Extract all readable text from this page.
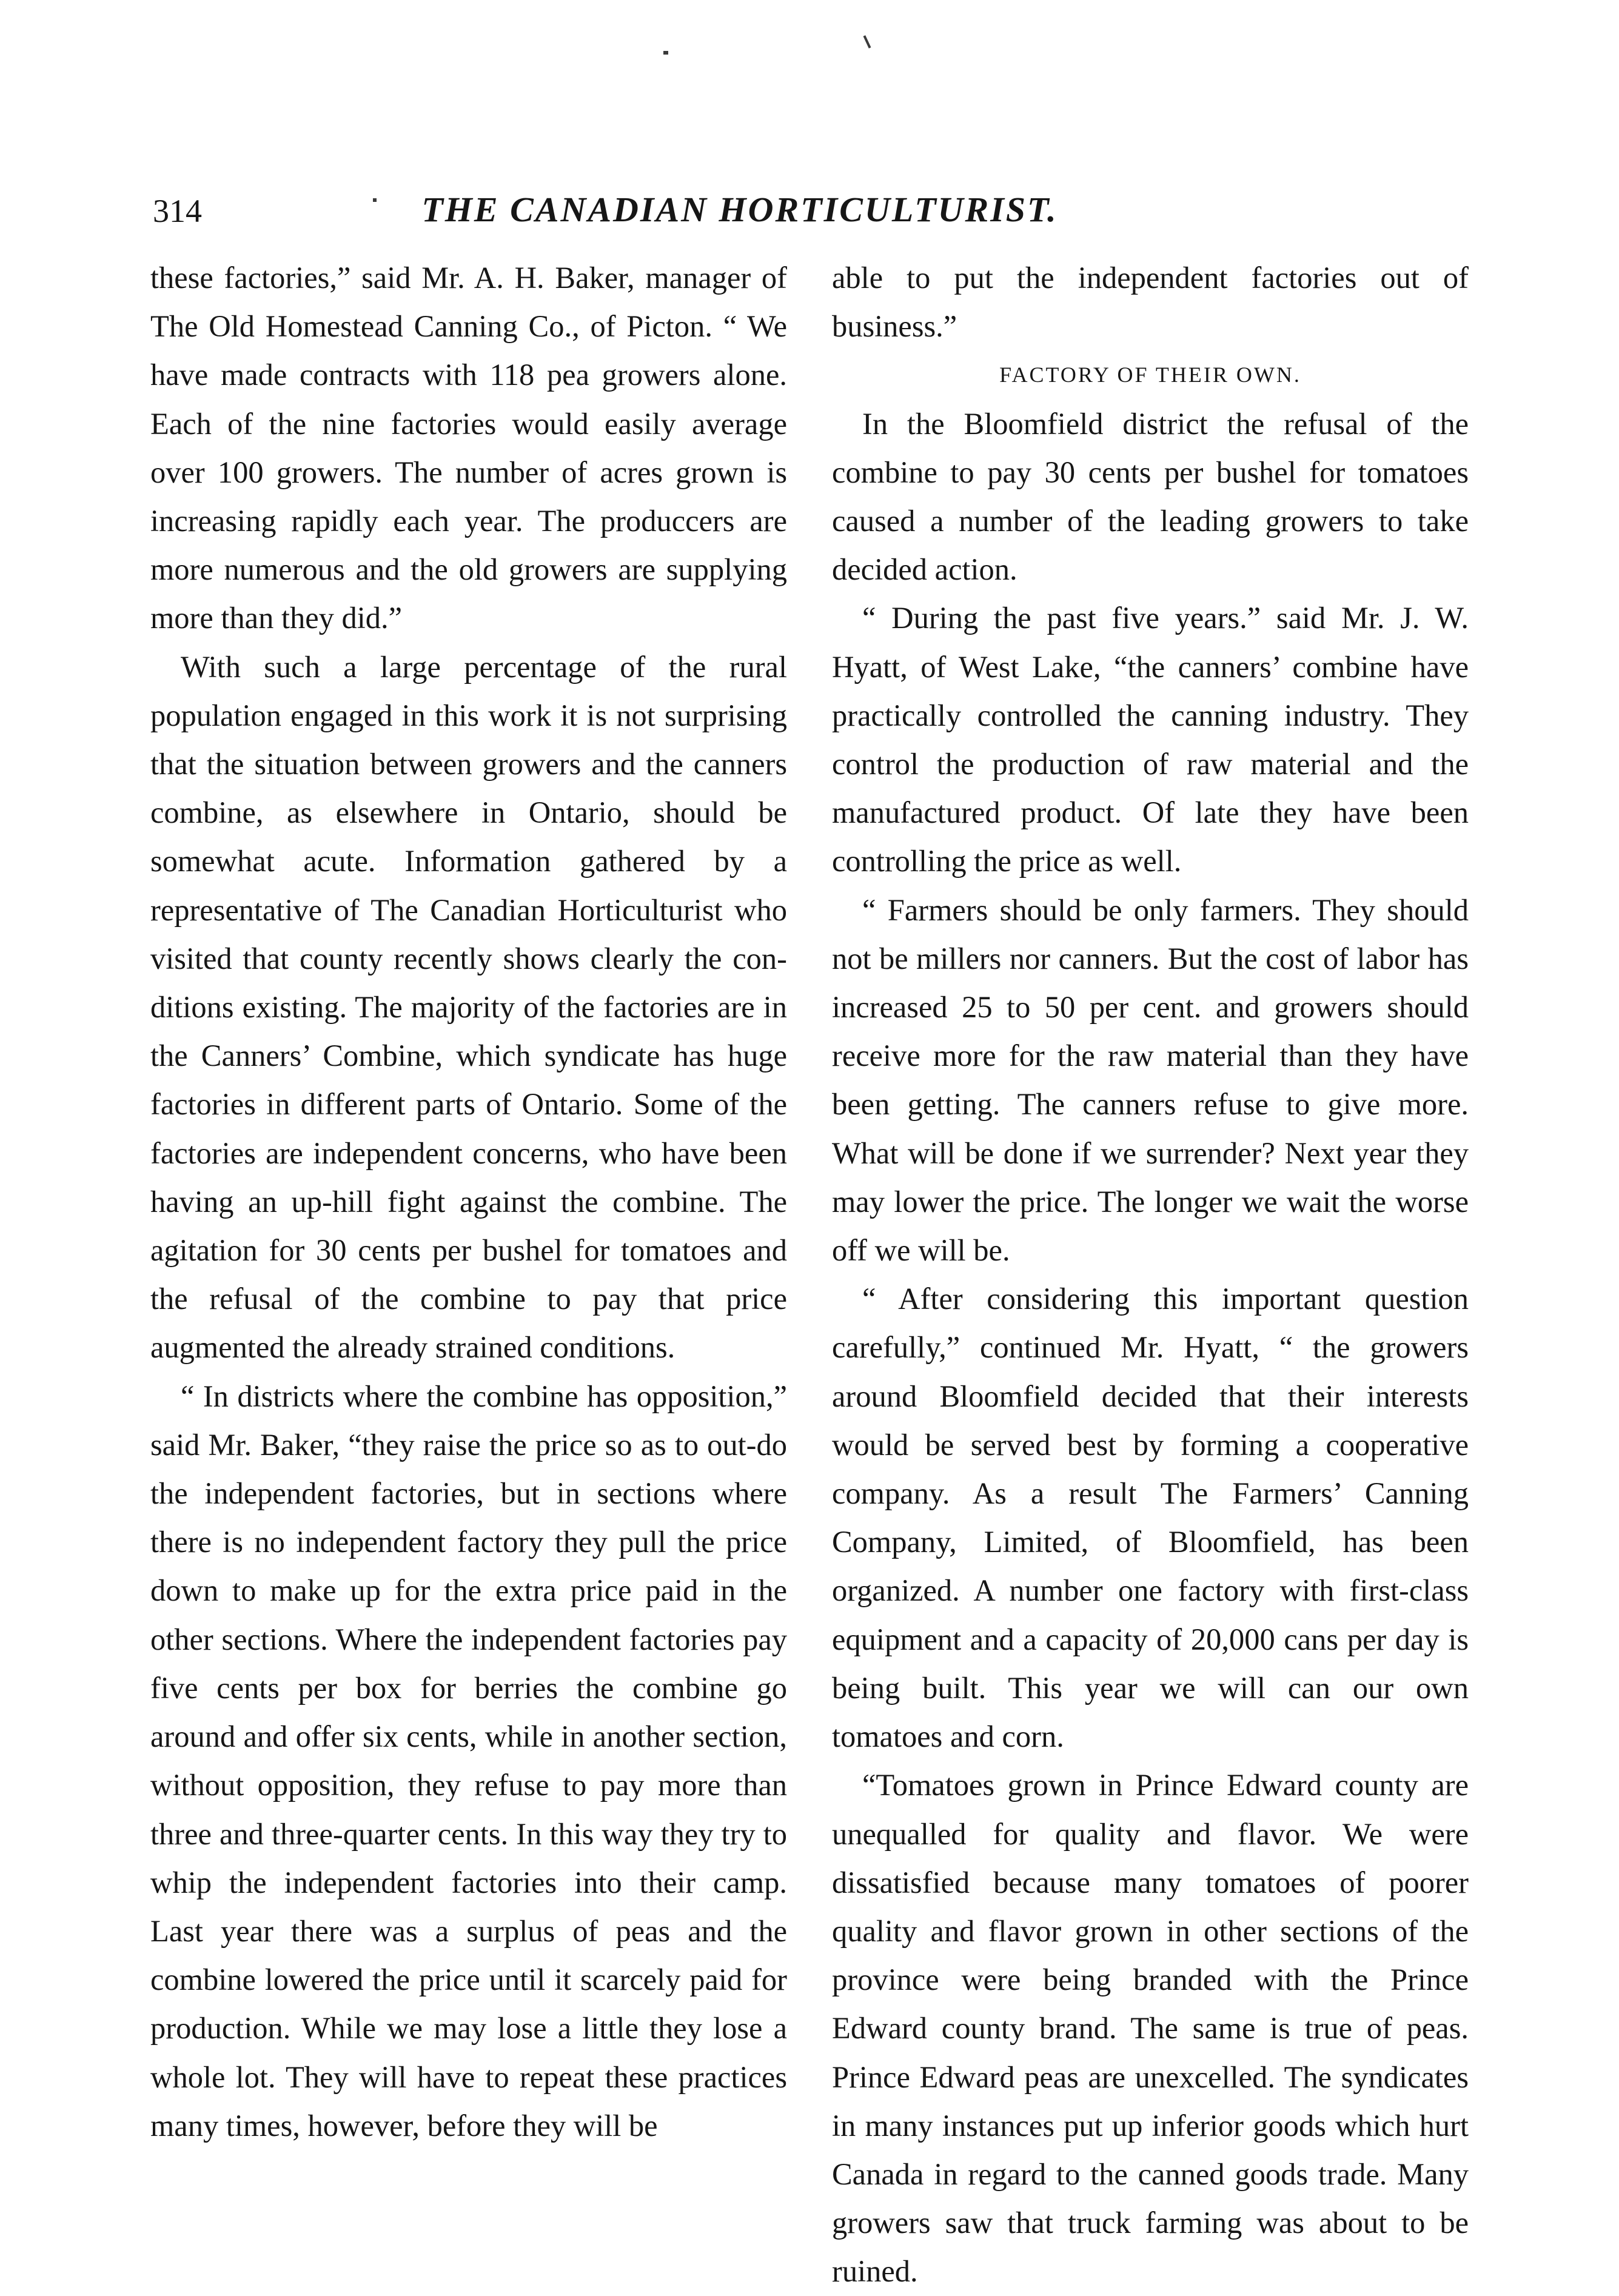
314	THE CANADIAN HORTICULTURIST.

these factories,” said Mr. A. H. Baker, manager of The Old Homestead Canning Co., of Picton. “ We have made contracts with 118 pea growers alone. Each of the nine factories would easily average over 100 growers. The number of acres grown is increasing rapidly each year. The produccers are more numerous and the old growers are supplying more than they did.”

With such a large percentage of the rural population engaged in this work it is not surprising that the situation between growers and the canners combine, as elsewhere in Ontario, should be somewhat acute. Information gathered by a representative of The Canadian Horticulturist who visited that county recently shows clearly the conditions existing. The majority of the factories are in the Canners’ Combine, which syndicate has huge factories in different parts of Ontario. Some of the factories are independent concerns, who have been having an up-hill fight against the combine. The agitation for 30 cents per bushel for tomatoes and the refusal of the combine to pay that price augmented the already strained conditions.

“ In districts where the combine has opposition,” said Mr. Baker, “they raise the price so as to out-do the independent factories, but in sections where there is no independent factory they pull the price down to make up for the extra price paid in the other sections. Where the independent factories pay five cents per box for berries the combine go around and offer six cents, while in another section, without opposition, they refuse to pay more than three and three-quarter cents. In this way they try to whip the independent factories into their camp. Last year there was a surplus of peas and the combine lowered the price until it scarcely paid for production. While we may lose a little they lose a whole lot. They will have to repeat these practices many times, however, before they will be

able to put the independent factories out of business.”

FACTORY OF THEIR OWN.

In the Bloomfield district the refusal of the combine to pay 30 cents per bushel for tomatoes caused a number of the leading growers to take decided action.

“ During the past five years.” said Mr. J. W. Hyatt, of West Lake, “the canners’ combine have practically controlled the canning industry. They control the production of raw material and the manufactured product. Of late they have been controlling the price as well.

“ Farmers should be only farmers. They should not be millers nor canners. But the cost of labor has increased 25 to 50 per cent. and growers should receive more for the raw material than they have been getting. The canners refuse to give more. What will be done if we surrender? Next year they may lower the price. The longer we wait the worse off we will be.

“ After considering this important question carefully,” continued Mr. Hyatt, “ the growers around Bloomfield decided that their interests would be served best by forming a cooperative company. As a result The Farmers’ Canning Company, Limited, of Bloomfield, has been organized. A number one factory with first-class equipment and a capacity of 20,000 cans per day is being built. This year we will can our own tomatoes and corn.

“Tomatoes grown in Prince Edward county are unequalled for quality and flavor. We were dissatisfied because many tomatoes of poorer quality and flavor grown in other sections of the province were being branded with the Prince Edward county brand. The same is true of peas. Prince Edward peas are unexcelled. The syndicates in many instances put up inferior goods which hurt Canada in regard to the canned goods trade. Many growers saw that truck farming was about to be ruined.
